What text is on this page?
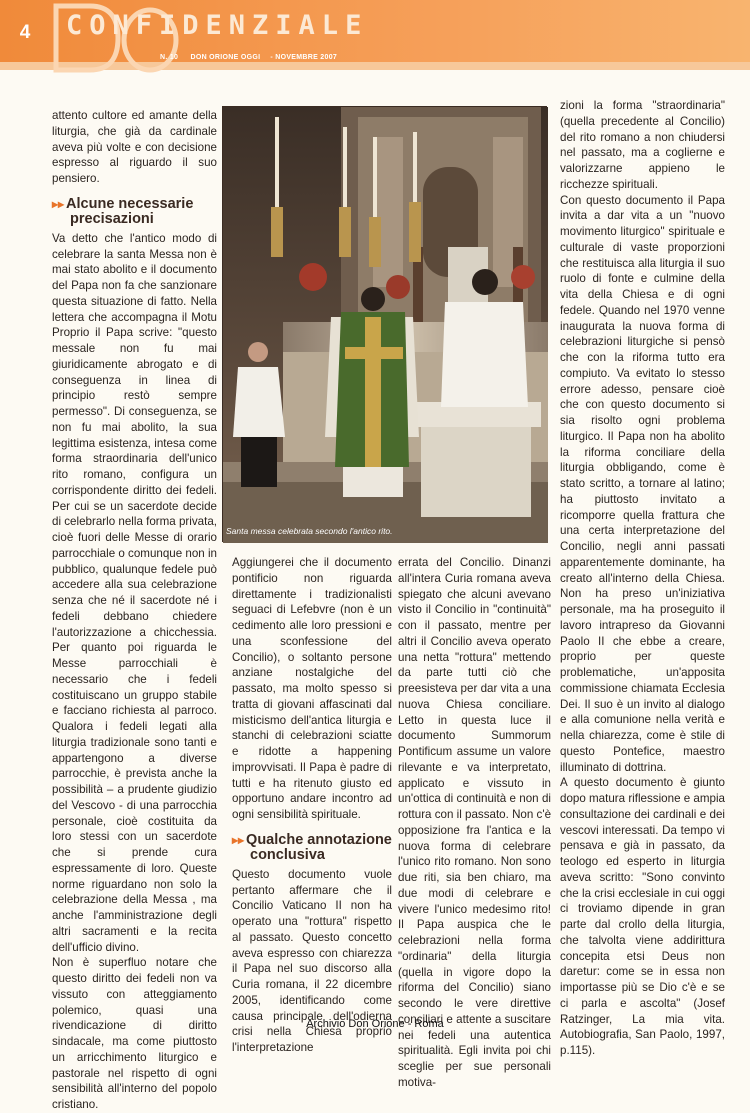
4	CONFIDENZIALE
N. 10 DON ORIONE OGGI - NOVEMBRE 2007

attento cultore ed amante della liturgia, che già da cardinale aveva più volte e con decisione espresso al riguardo il suo pensiero.

▸▸ Alcune necessarie
precisazioni

Va detto che l'antico modo di celebrare la santa Messa non è mai stato abolito e il documento del Papa non fa che sanzionare questa situazione di fatto. Nella lettera che accompagna il Motu Proprio il Papa scrive: "questo messale non fu mai giuridicamente abrogato e di conseguenza in linea di principio restò sempre permesso". Di conseguenza, se non fu mai abolito, la sua legittima esistenza, intesa come forma straordinaria dell'unico rito romano, configura un corrispondente diritto dei fedeli. Per cui se un sacerdote decide di celebrarlo nella forma privata, cioè fuori delle Messe di orario parrocchiale o comunque non in pubblico, qualunque fedele può accedere alla sua celebrazione senza che né il sacerdote né i fedeli debbano chiedere l'autorizzazione a chicchessia. Per quanto poi riguarda le Messe parrocchiali è necessario che i fedeli costituiscano un gruppo stabile e facciano richiesta al parroco. Qualora i fedeli legati alla liturgia tradizionale sono tanti e appartengono a diverse parrocchie, è prevista anche la possibilità – a prudente giudizio del Vescovo - di una parrocchia personale, cioè costituita da loro stessi con un sacerdote che si prende cura espressamente di loro. Queste norme riguardano non solo la celebrazione della Messa , ma anche l'amministrazione degli altri sacramenti e la recita dell'ufficio divino.

Non è superfluo notare che questo diritto dei fedeli non va vissuto con atteggiamento polemico, quasi una rivendicazione di diritto sindacale, ma come piuttosto un arricchimento liturgico e pastorale nel rispetto di ogni sensibilità all'interno del popolo cristiano.

Santa messa celebrata secondo l'antico rito.

Aggiungerei che il documento pontificio non riguarda direttamente i tradizionalisti seguaci di Lefebvre (non è un cedimento alle loro pressioni e una sconfessione del Concilio), o soltanto persone anziane nostalgiche del passato, ma molto spesso si tratta di giovani affascinati dal misticismo dell'antica liturgia e stanchi di celebrazioni sciatte e ridotte a happening improvvisati. Il Papa è padre di tutti e ha ritenuto giusto ed opportuno andare incontro ad ogni sensibilità spirituale.

▸▸ Qualche annotazione
conclusiva

Questo documento vuole pertanto affermare che il Concilio Vaticano II non ha operato una "rottura" rispetto al passato. Questo concetto aveva espresso con chiarezza il Papa nel suo discorso alla Curia romana, il 22 dicembre 2005, identificando come causa principale dell'odierna crisi nella Chiesa proprio l'interpretazione

errata del Concilio. Dinanzi all'intera Curia romana aveva spiegato che alcuni avevano visto il Concilio in "continuità" con il passato, mentre per altri il Concilio aveva operato una netta "rottura" mettendo da parte tutti ciò che preesisteva per dar vita a una nuova Chiesa conciliare. Letto in questa luce il documento Summorum Pontificum assume un valore rilevante e va interpretato, applicato e vissuto in un'ottica di continuità e non di rottura con il passato. Non c'è opposizione fra l'antica e la nuova forma di celebrare l'unico rito romano. Non sono due riti, sia ben chiaro, ma due modi di celebrare e vivere l'unico medesimo rito! Il Papa auspica che le celebrazioni nella forma "ordinaria" della liturgia (quella in vigore dopo la riforma del Concilio) siano secondo le vere direttive conciliari e attente a suscitare nei fedeli una autentica spiritualità. Egli invita poi chi sceglie per sue personali motiva-

zioni la forma "straordinaria" (quella precedente al Concilio) del rito romano a non chiudersi nel passato, ma a coglierne e valorizzarne appieno le ricchezze spirituali.

Con questo documento il Papa invita a dar vita a un "nuovo movimento liturgico" spirituale e culturale di vaste proporzioni che restituisca alla liturgia il suo ruolo di fonte e culmine della vita della Chiesa e di ogni fedele. Quando nel 1970 venne inaugurata la nuova forma di celebrazioni liturgiche si pensò che con la riforma tutto era compiuto. Va evitato lo stesso errore adesso, pensare cioè che con questo documento si sia risolto ogni problema liturgico. Il Papa non ha abolito la riforma conciliare della liturgia obbligando, come è stato scritto, a tornare al latino; ha piuttosto invitato a ricomporre quella frattura che una certa interpretazione del Concilio, negli anni passati apparentemente dominante, ha creato all'interno della Chiesa. Non ha preso un'iniziativa personale, ma ha proseguito il lavoro intrapreso da Giovanni Paolo II che ebbe a creare, proprio per queste problematiche, un'apposita commissione chiamata Ecclesia Dei. Il suo è un invito al dialogo e alla comunione nella verità e nella chiarezza, come è stile di questo Pontefice, maestro illuminato di dottrina.

A questo documento è giunto dopo matura riflessione e ampia consultazione dei cardinali e dei vescovi interessati. Da tempo vi pensava e già in passato, da teologo ed esperto in liturgia aveva scritto: "Sono convinto che la crisi ecclesiale in cui oggi ci troviamo dipende in gran parte dal crollo della liturgia, che talvolta viene addirittura concepita etsi Deus non daretur: come se in essa non importasse più se Dio c'è e se ci parla e ascolta" (Josef Ratzinger, La mia vita. Autobiografia, San Paolo, 1997, p.115).

Archivio Don Orione - Roma
